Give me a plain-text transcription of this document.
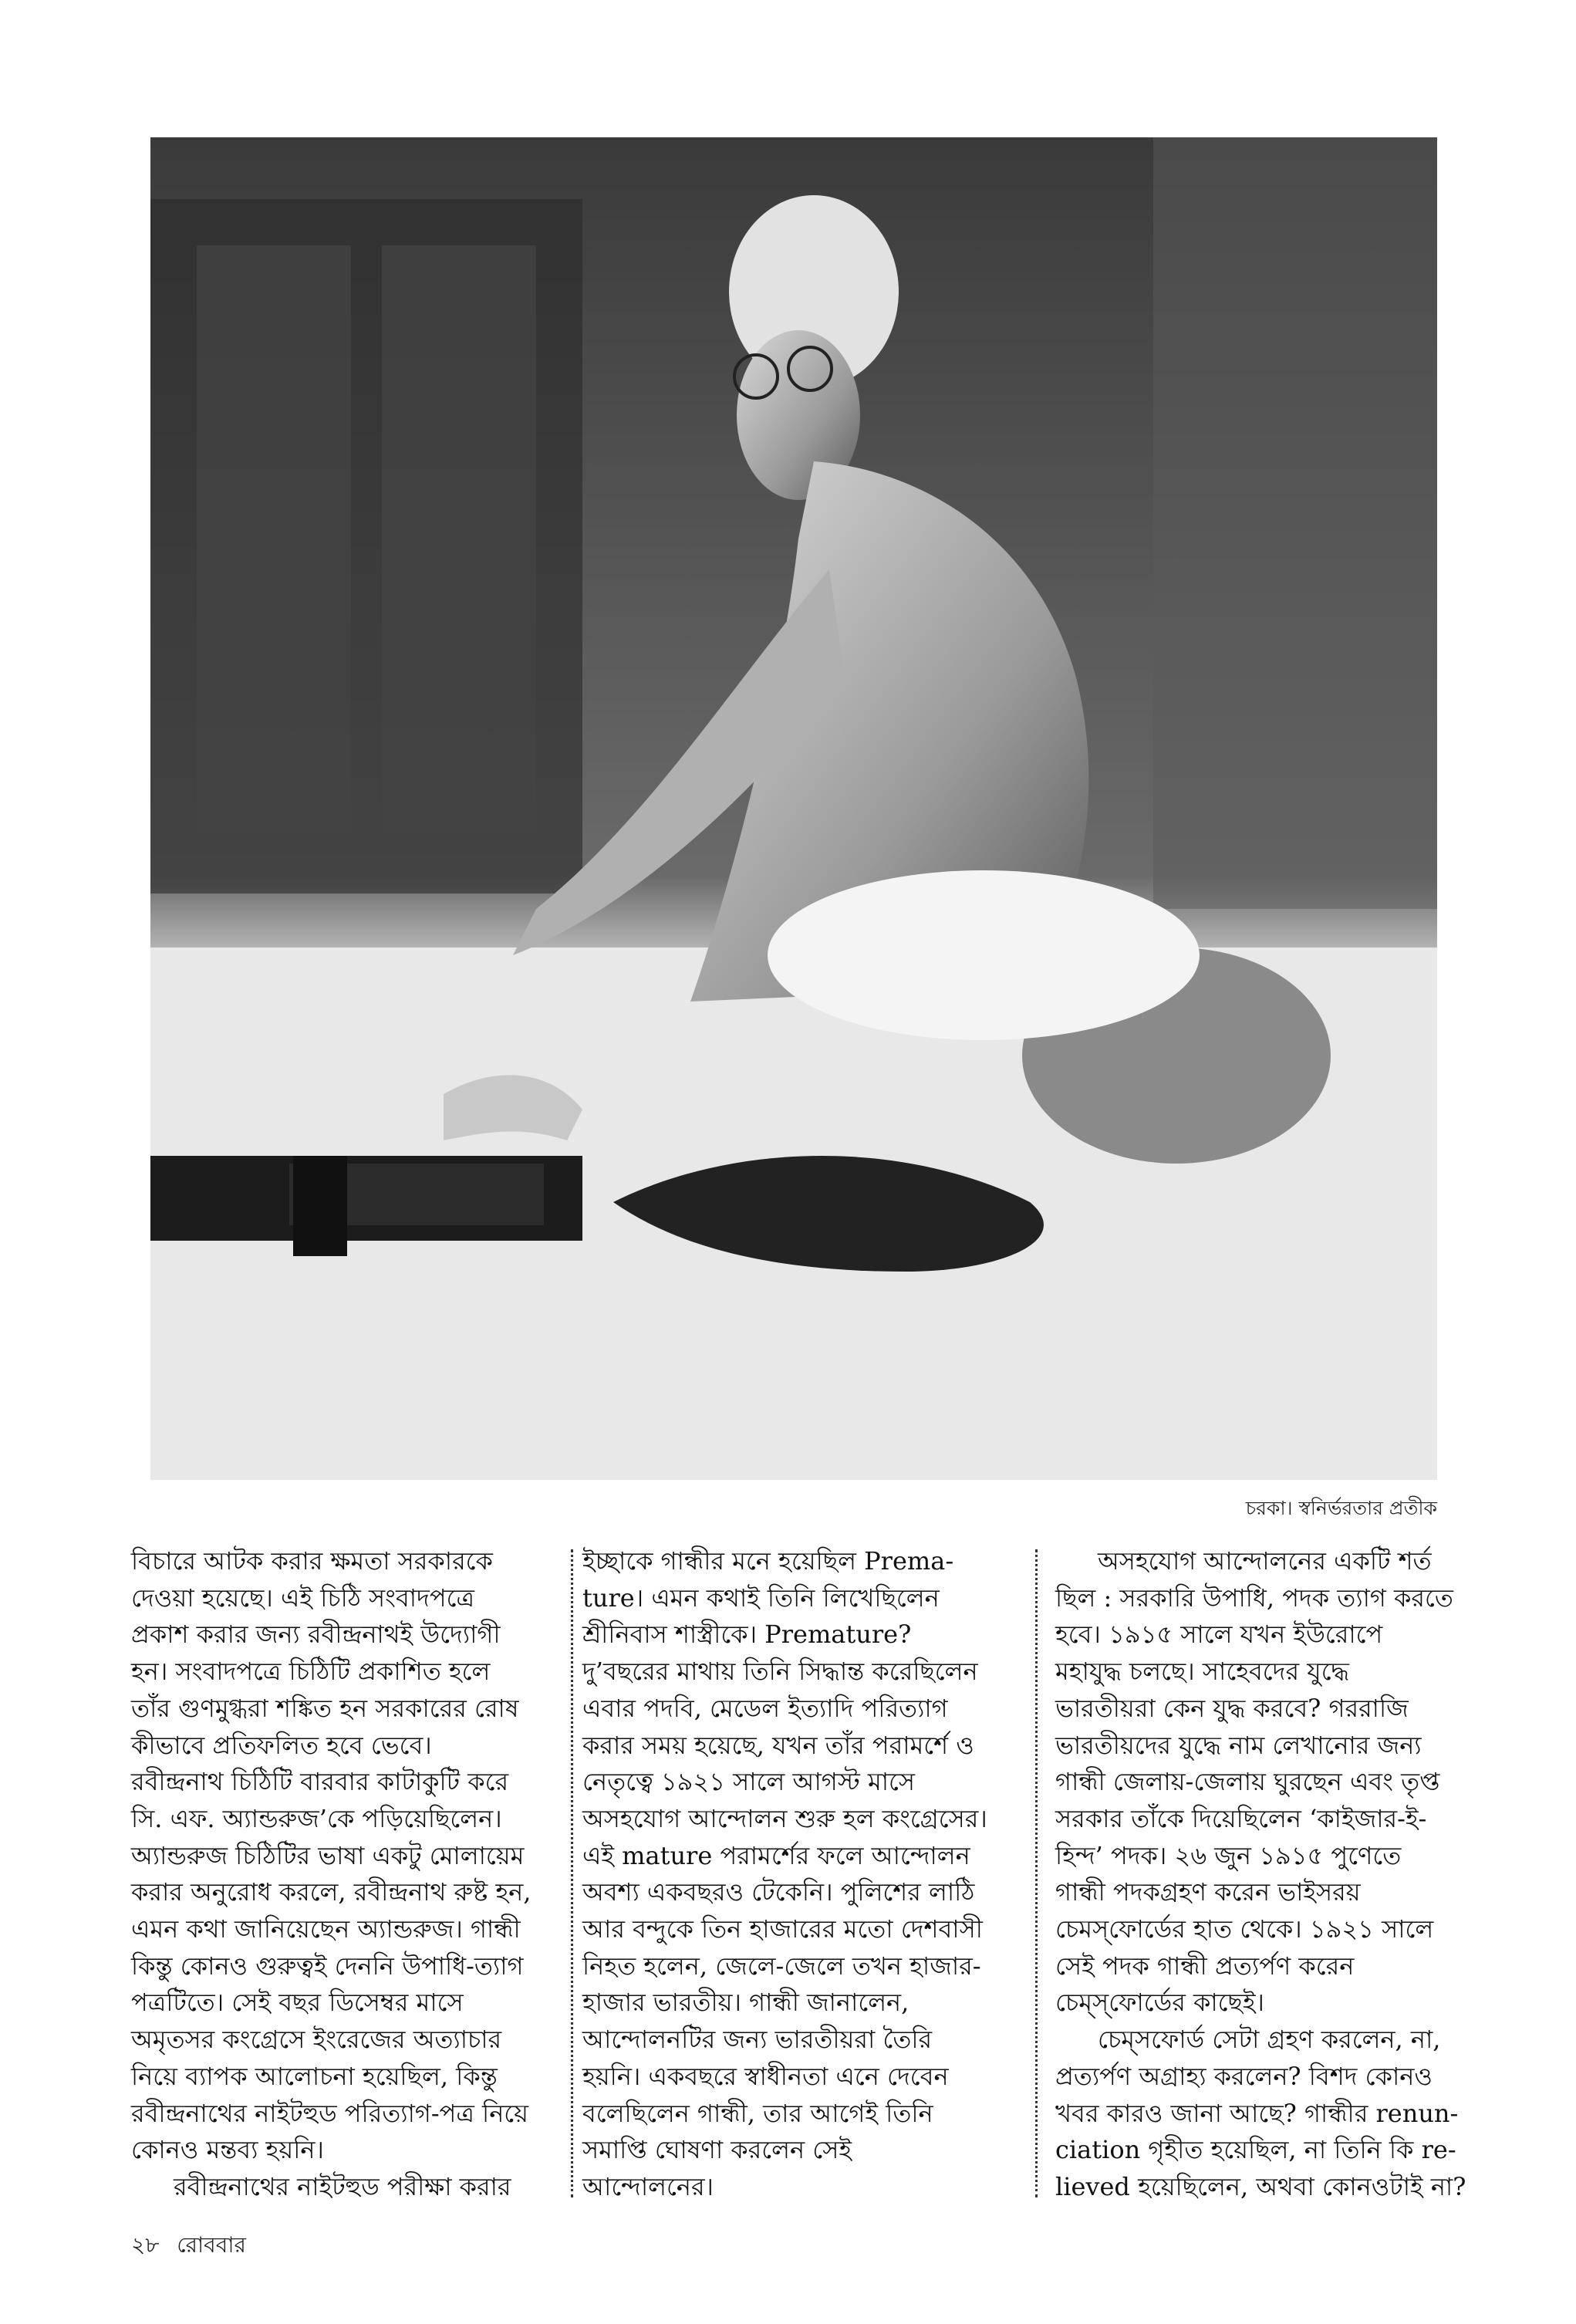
চরকা। স্বনির্ভরতার প্রতীক

বিচারে আটক করার ক্ষমতা সরকারকে

দেওয়া হয়েছে। এই চিঠি সংবাদপত্রে

প্রকাশ করার জন্য রবীন্দ্রনাথই উদ্যোগী

হন। সংবাদপত্রে চিঠিটি প্রকাশিত হলে

তাঁর গুণমুগ্ধরা শঙ্কিত হন সরকারের রোষ

কীভাবে প্রতিফলিত হবে ভেবে।

রবীন্দ্রনাথ চিঠিটি বারবার কাটাকুটি করে

সি. এফ. অ্যান্ডরুজ’কে পড়িয়েছিলেন।

অ্যান্ডরুজ চিঠিটির ভাষা একটু মোলায়েম

করার অনুরোধ করলে, রবীন্দ্রনাথ রুষ্ট হন,

এমন কথা জানিয়েছেন অ্যান্ডরুজ। গান্ধী

কিন্তু কোনও গুরুত্বই দেননি উপাধি-ত্যাগ

পত্রটিতে। সেই বছর ডিসেম্বর মাসে

অমৃতসর কংগ্রেসে ইংরেজের অত্যাচার

নিয়ে ব্যাপক আলোচনা হয়েছিল, কিন্তু

রবীন্দ্রনাথের নাইটহুড পরিত্যাগ-পত্র নিয়ে

কোনও মন্তব্য হয়নি।

রবীন্দ্রনাথের নাইটহুড পরীক্ষা করার

ইচ্ছাকে গান্ধীর মনে হয়েছিল Prema-

ture। এমন কথাই তিনি লিখেছিলেন

শ্রীনিবাস শাস্ত্রীকে। Premature?

দু’বছরের মাথায় তিনি সিদ্ধান্ত করেছিলেন

এবার পদবি, মেডেল ইত্যাদি পরিত্যাগ

করার সময় হয়েছে, যখন তাঁর পরামর্শে ও

নেতৃত্বে ১৯২১ সালে আগস্ট মাসে

অসহযোগ আন্দোলন শুরু হল কংগ্রেসের।

এই mature পরামর্শের ফলে আন্দোলন

অবশ্য একবছরও টেকেনি। পুলিশের লাঠি

আর বন্দুকে তিন হাজারের মতো দেশবাসী

নিহত হলেন, জেলে-জেলে তখন হাজার-

হাজার ভারতীয়। গান্ধী জানালেন,

আন্দোলনটির জন্য ভারতীয়রা তৈরি

হয়নি। একবছরে স্বাধীনতা এনে দেবেন

বলেছিলেন গান্ধী, তার আগেই তিনি

সমাপ্তি ঘোষণা করলেন সেই

আন্দোলনের।

অসহযোগ আন্দোলনের একটি শর্ত

ছিল : সরকারি উপাধি, পদক ত্যাগ করতে

হবে। ১৯১৫ সালে যখন ইউরোপে

মহাযুদ্ধ চলছে। সাহেবদের যুদ্ধে

ভারতীয়রা কেন যুদ্ধ করবে? গররাজি

ভারতীয়দের যুদ্ধে নাম লেখানোর জন্য

গান্ধী জেলায়-জেলায় ঘুরছেন এবং তৃপ্ত

সরকার তাঁকে দিয়েছিলেন ‘কাইজার-ই-

হিন্দ’ পদক। ২৬ জুন ১৯১৫ পুণেতে

গান্ধী পদকগ্রহণ করেন ভাইসরয়

চেমস্‌ফোর্ডের হাত থেকে। ১৯২১ সালে

সেই পদক গান্ধী প্রত্যর্পণ করেন

চেম্‌স্‌ফোর্ডের কাছেই।

চেম্‌সফোর্ড সেটা গ্রহণ করলেন, না,

প্রত্যর্পণ অগ্রাহ্য করলেন? বিশদ কোনও

খবর কারও জানা আছে? গান্ধীর renun-

ciation গৃহীত হয়েছিল, না তিনি কি re-

lieved হয়েছিলেন, অথবা কোনওটাই না?

২৮ রোববার
